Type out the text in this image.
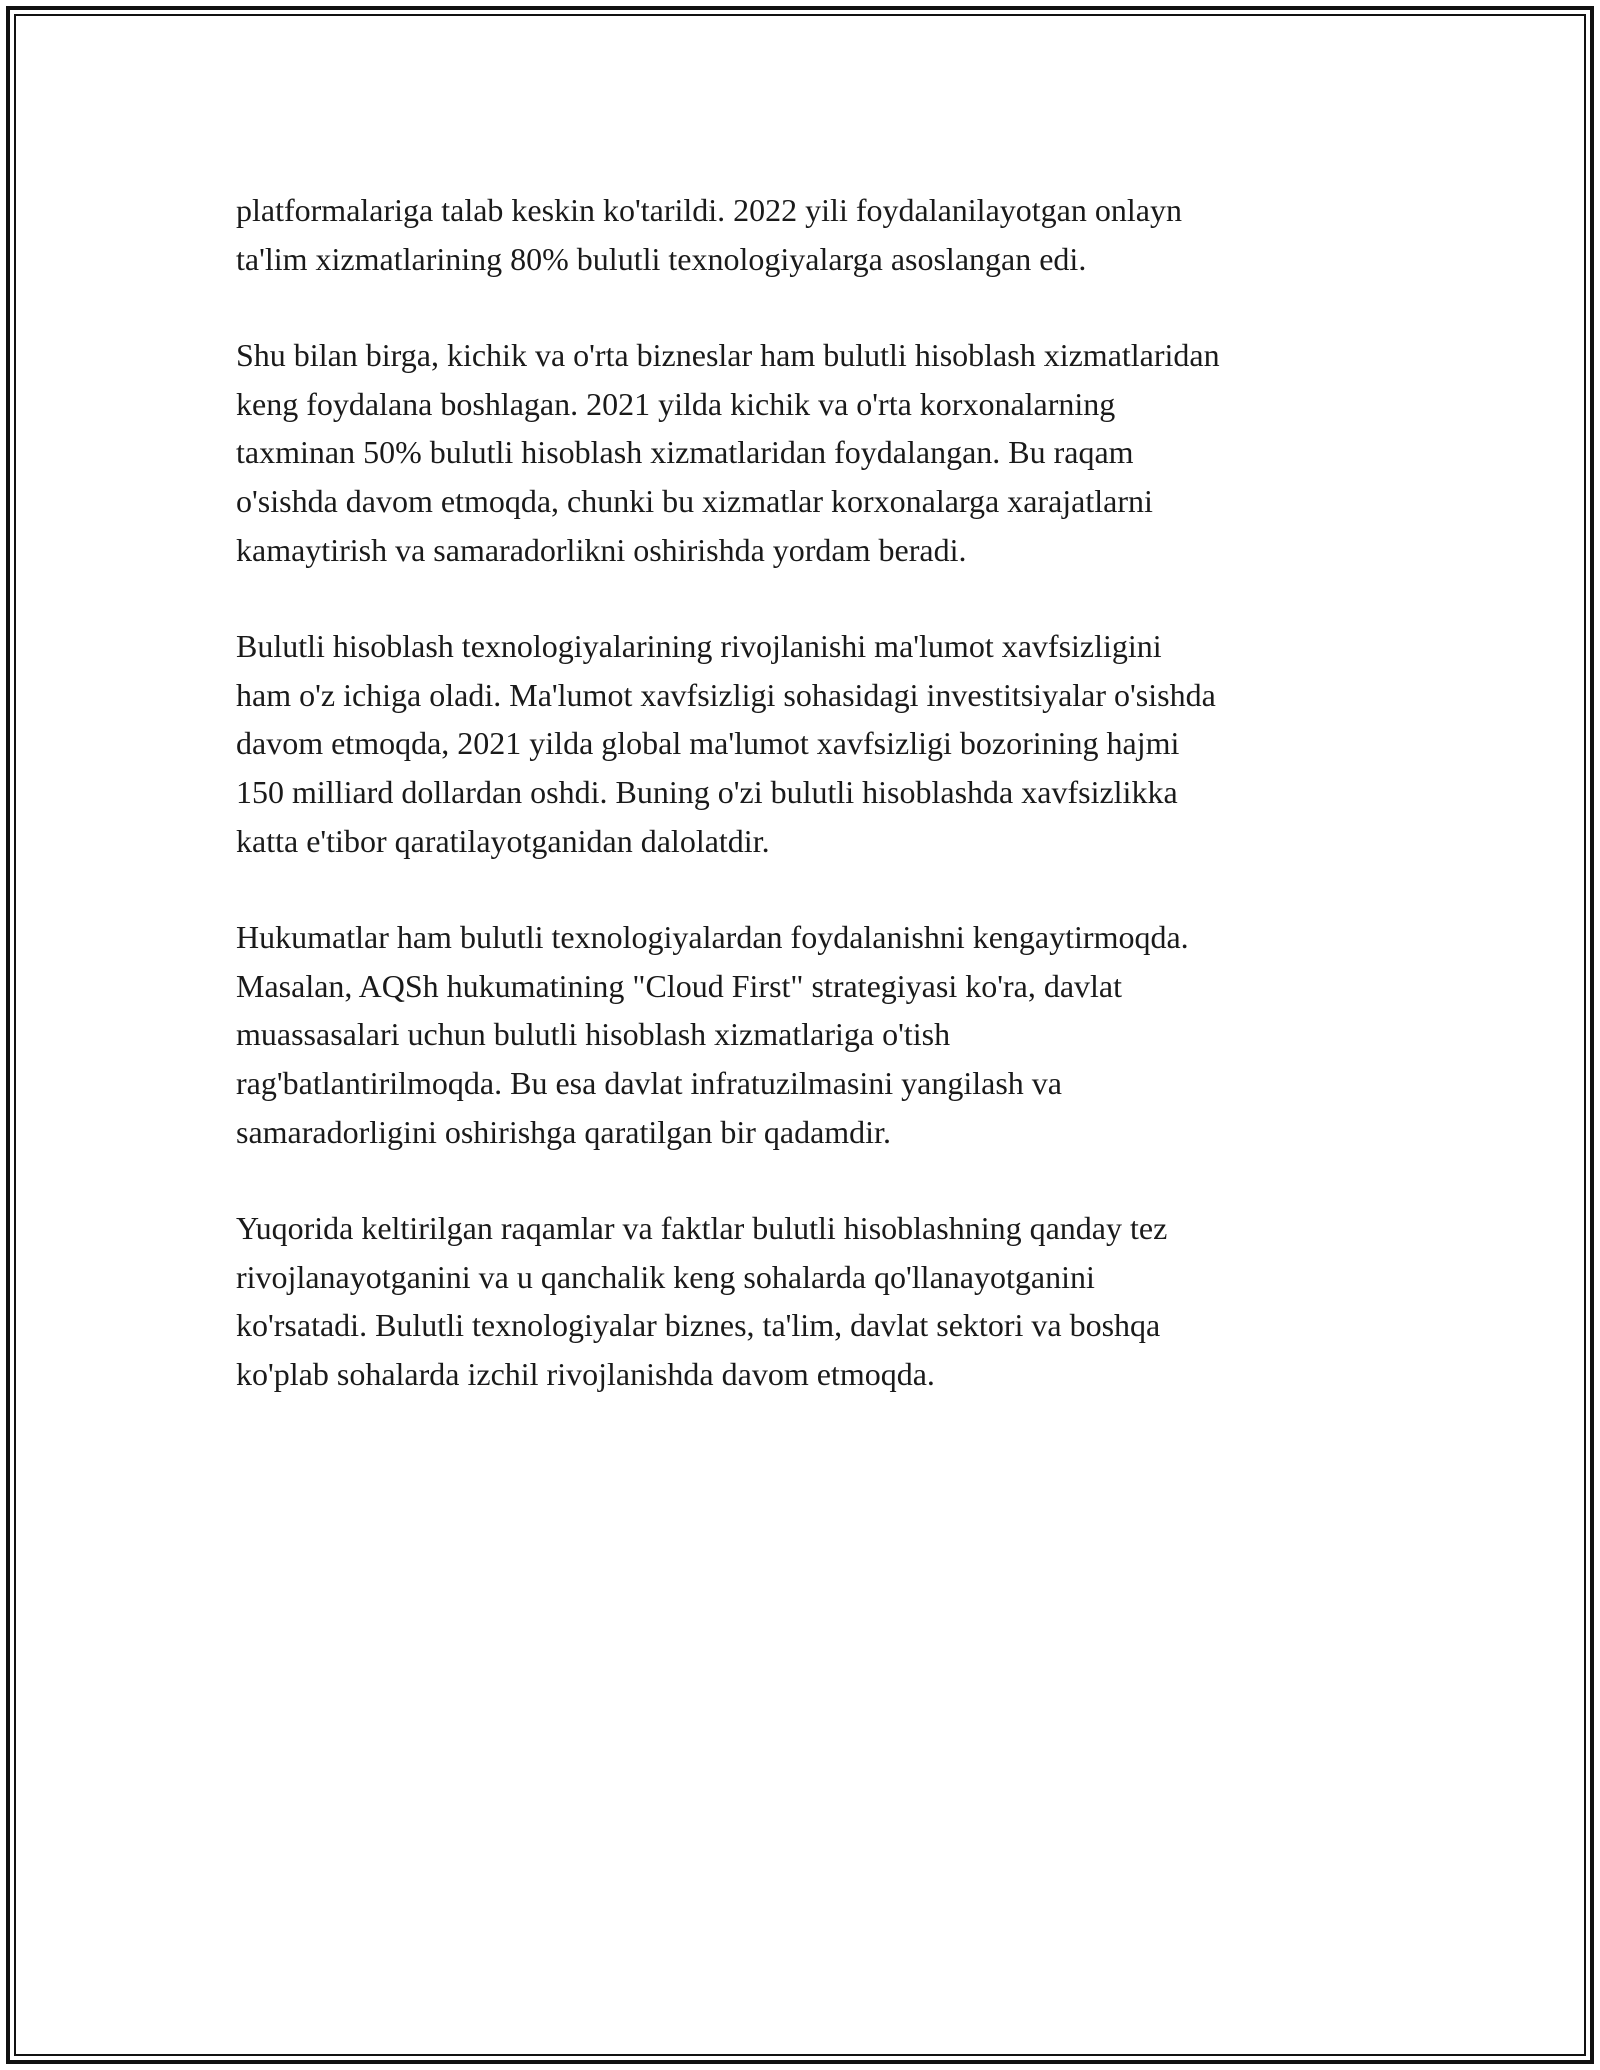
platformalariga talab keskin ko'tarildi. 2022 yili foydalanilayotgan onlayn
ta'lim xizmatlarining 80% bulutli texnologiyalarga asoslangan edi.

Shu bilan birga, kichik va o'rta bizneslar ham bulutli hisoblash xizmatlaridan
keng foydalana boshlagan. 2021 yilda kichik va o'rta korxonalarning
taxminan 50% bulutli hisoblash xizmatlaridan foydalangan. Bu raqam
o'sishda davom etmoqda, chunki bu xizmatlar korxonalarga xarajatlarni
kamaytirish va samaradorlikni oshirishda yordam beradi.

Bulutli hisoblash texnologiyalarining rivojlanishi ma'lumot xavfsizligini
ham o'z ichiga oladi. Ma'lumot xavfsizligi sohasidagi investitsiyalar o'sishda
davom etmoqda, 2021 yilda global ma'lumot xavfsizligi bozorining hajmi
150 milliard dollardan oshdi. Buning o'zi bulutli hisoblashda xavfsizlikka
katta e'tibor qaratilayotganidan dalolatdir.

Hukumatlar ham bulutli texnologiyalardan foydalanishni kengaytirmoqda.
Masalan, AQSh hukumatining "Cloud First" strategiyasi ko'ra, davlat
muassasalari uchun bulutli hisoblash xizmatlariga o'tish
rag'batlantirilmoqda. Bu esa davlat infratuzilmasini yangilash va
samaradorligini oshirishga qaratilgan bir qadamdir.

Yuqorida keltirilgan raqamlar va faktlar bulutli hisoblashning qanday tez
rivojlanayotganini va u qanchalik keng sohalarda qo'llanayotganini
ko'rsatadi. Bulutli texnologiyalar biznes, ta'lim, davlat sektori va boshqa
ko'plab sohalarda izchil rivojlanishda davom etmoqda.
